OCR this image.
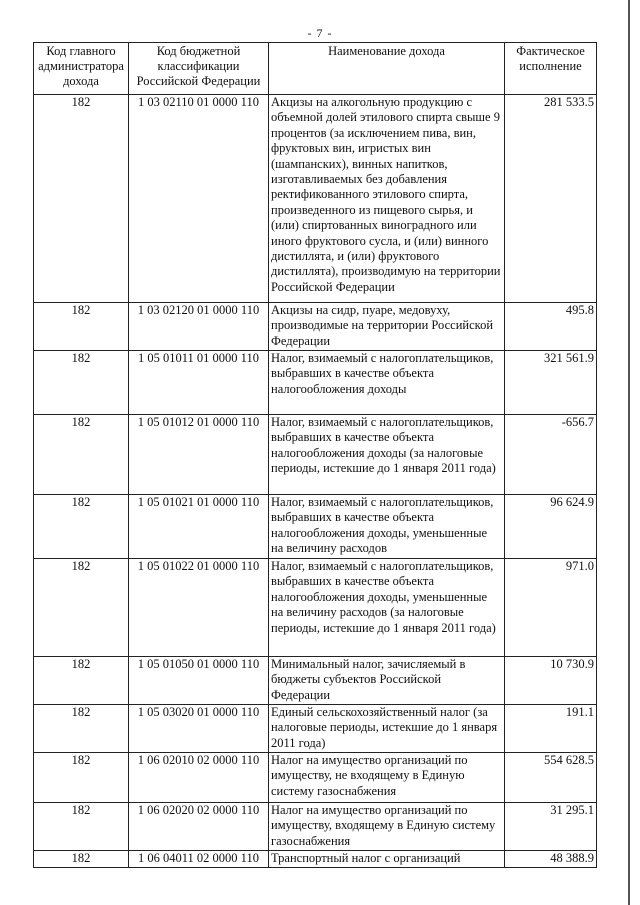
- 7 -
Код главного администратора дохода	Код бюджетной классификации Российской Федерации	Наименование дохода	Фактическое исполнение
182	1 03 02110 01 0000 110	Акцизы на алкогольную продукцию с объемной долей этилового спирта свыше 9 процентов (за исключением пива, вин, фруктовых вин, игристых вин (шампанских), винных напитков, изготавливаемых без добавления ректификованного этилового спирта, произведенного из пищевого сырья, и (или) спиртованных виноградного или иного фруктового сусла, и (или) винного дистиллята, и (или) фруктового дистиллята), производимую на территории Российской Федерации	281 533.5
182	1 03 02120 01 0000 110	Акцизы на сидр, пуаре, медовуху, производимые на территории Российской Федерации	495.8
182	1 05 01011 01 0000 110	Налог, взимаемый с налогоплательщиков, выбравших в качестве объекта налогообложения доходы	321 561.9
182	1 05 01012 01 0000 110	Налог, взимаемый с налогоплательщиков, выбравших в качестве объекта налогообложения доходы (за налоговые периоды, истекшие до 1 января 2011 года)	-656.7
182	1 05 01021 01 0000 110	Налог, взимаемый с налогоплательщиков, выбравших в качестве объекта налогообложения доходы, уменьшенные на величину расходов	96 624.9
182	1 05 01022 01 0000 110	Налог, взимаемый с налогоплательщиков, выбравших в качестве объекта налогообложения доходы, уменьшенные на величину расходов (за налоговые периоды, истекшие до 1 января 2011 года)	971.0
182	1 05 01050 01 0000 110	Минимальный налог, зачисляемый в бюджеты субъектов Российской Федерации	10 730.9
182	1 05 03020 01 0000 110	Единый сельскохозяйственный налог (за налоговые периоды, истекшие до 1 января 2011 года)	191.1
182	1 06 02010 02 0000 110	Налог на имущество организаций по имуществу, не входящему в Единую систему газоснабжения	554 628.5
182	1 06 02020 02 0000 110	Налог на имущество организаций по имуществу, входящему в Единую систему газоснабжения	31 295.1
182	1 06 04011 02 0000 110	Транспортный налог с организаций	48 388.9
